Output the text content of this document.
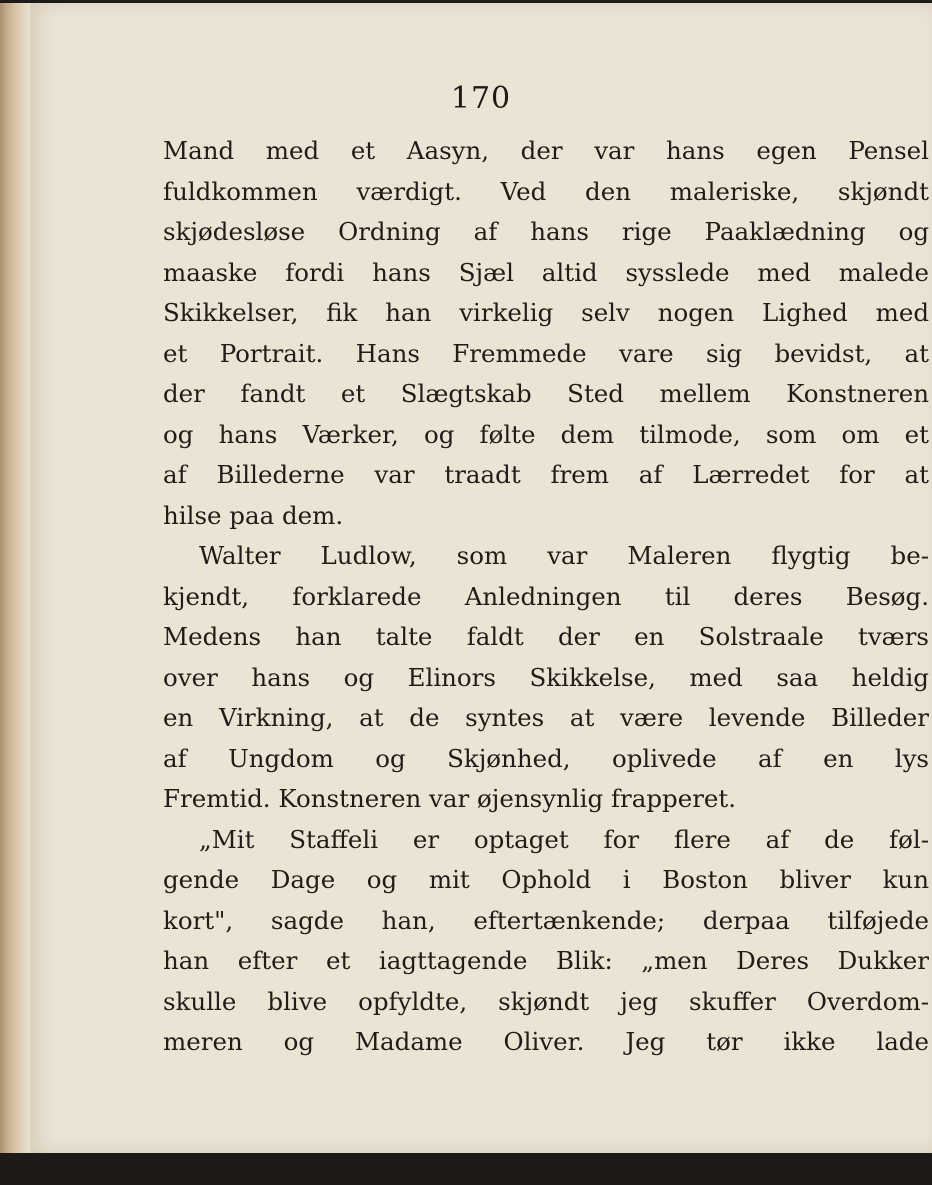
170
Mand med et Aasyn, der var hans egen Pensel
fuldkommen værdigt. Ved den maleriske, skjøndt
skjødesløse Ordning af hans rige Paaklædning og
maaske fordi hans Sjæl altid sysslede med malede
Skikkelser, fik han virkelig selv nogen Lighed med
et Portrait. Hans Fremmede vare sig bevidst, at
der fandt et Slægtskab Sted mellem Konstneren
og hans Værker, og følte dem tilmode, som om et
af Billederne var traadt frem af Lærredet for at
hilse paa dem.
Walter Ludlow, som var Maleren flygtig be-
kjendt, forklarede Anledningen til deres Besøg.
Medens han talte faldt der en Solstraale tværs
over hans og Elinors Skikkelse, med saa heldig
en Virkning, at de syntes at være levende Billeder
af Ungdom og Skjønhed, oplivede af en lys
Fremtid. Konstneren var øjensynlig frapperet.
„Mit Staffeli er optaget for flere af de føl-
gende Dage og mit Ophold i Boston bliver kun
kort", sagde han, eftertænkende; derpaa tilføjede
han efter et iagttagende Blik: „men Deres Dukker
skulle blive opfyldte, skjøndt jeg skuffer Overdom-
meren og Madame Oliver. Jeg tør ikke lade
